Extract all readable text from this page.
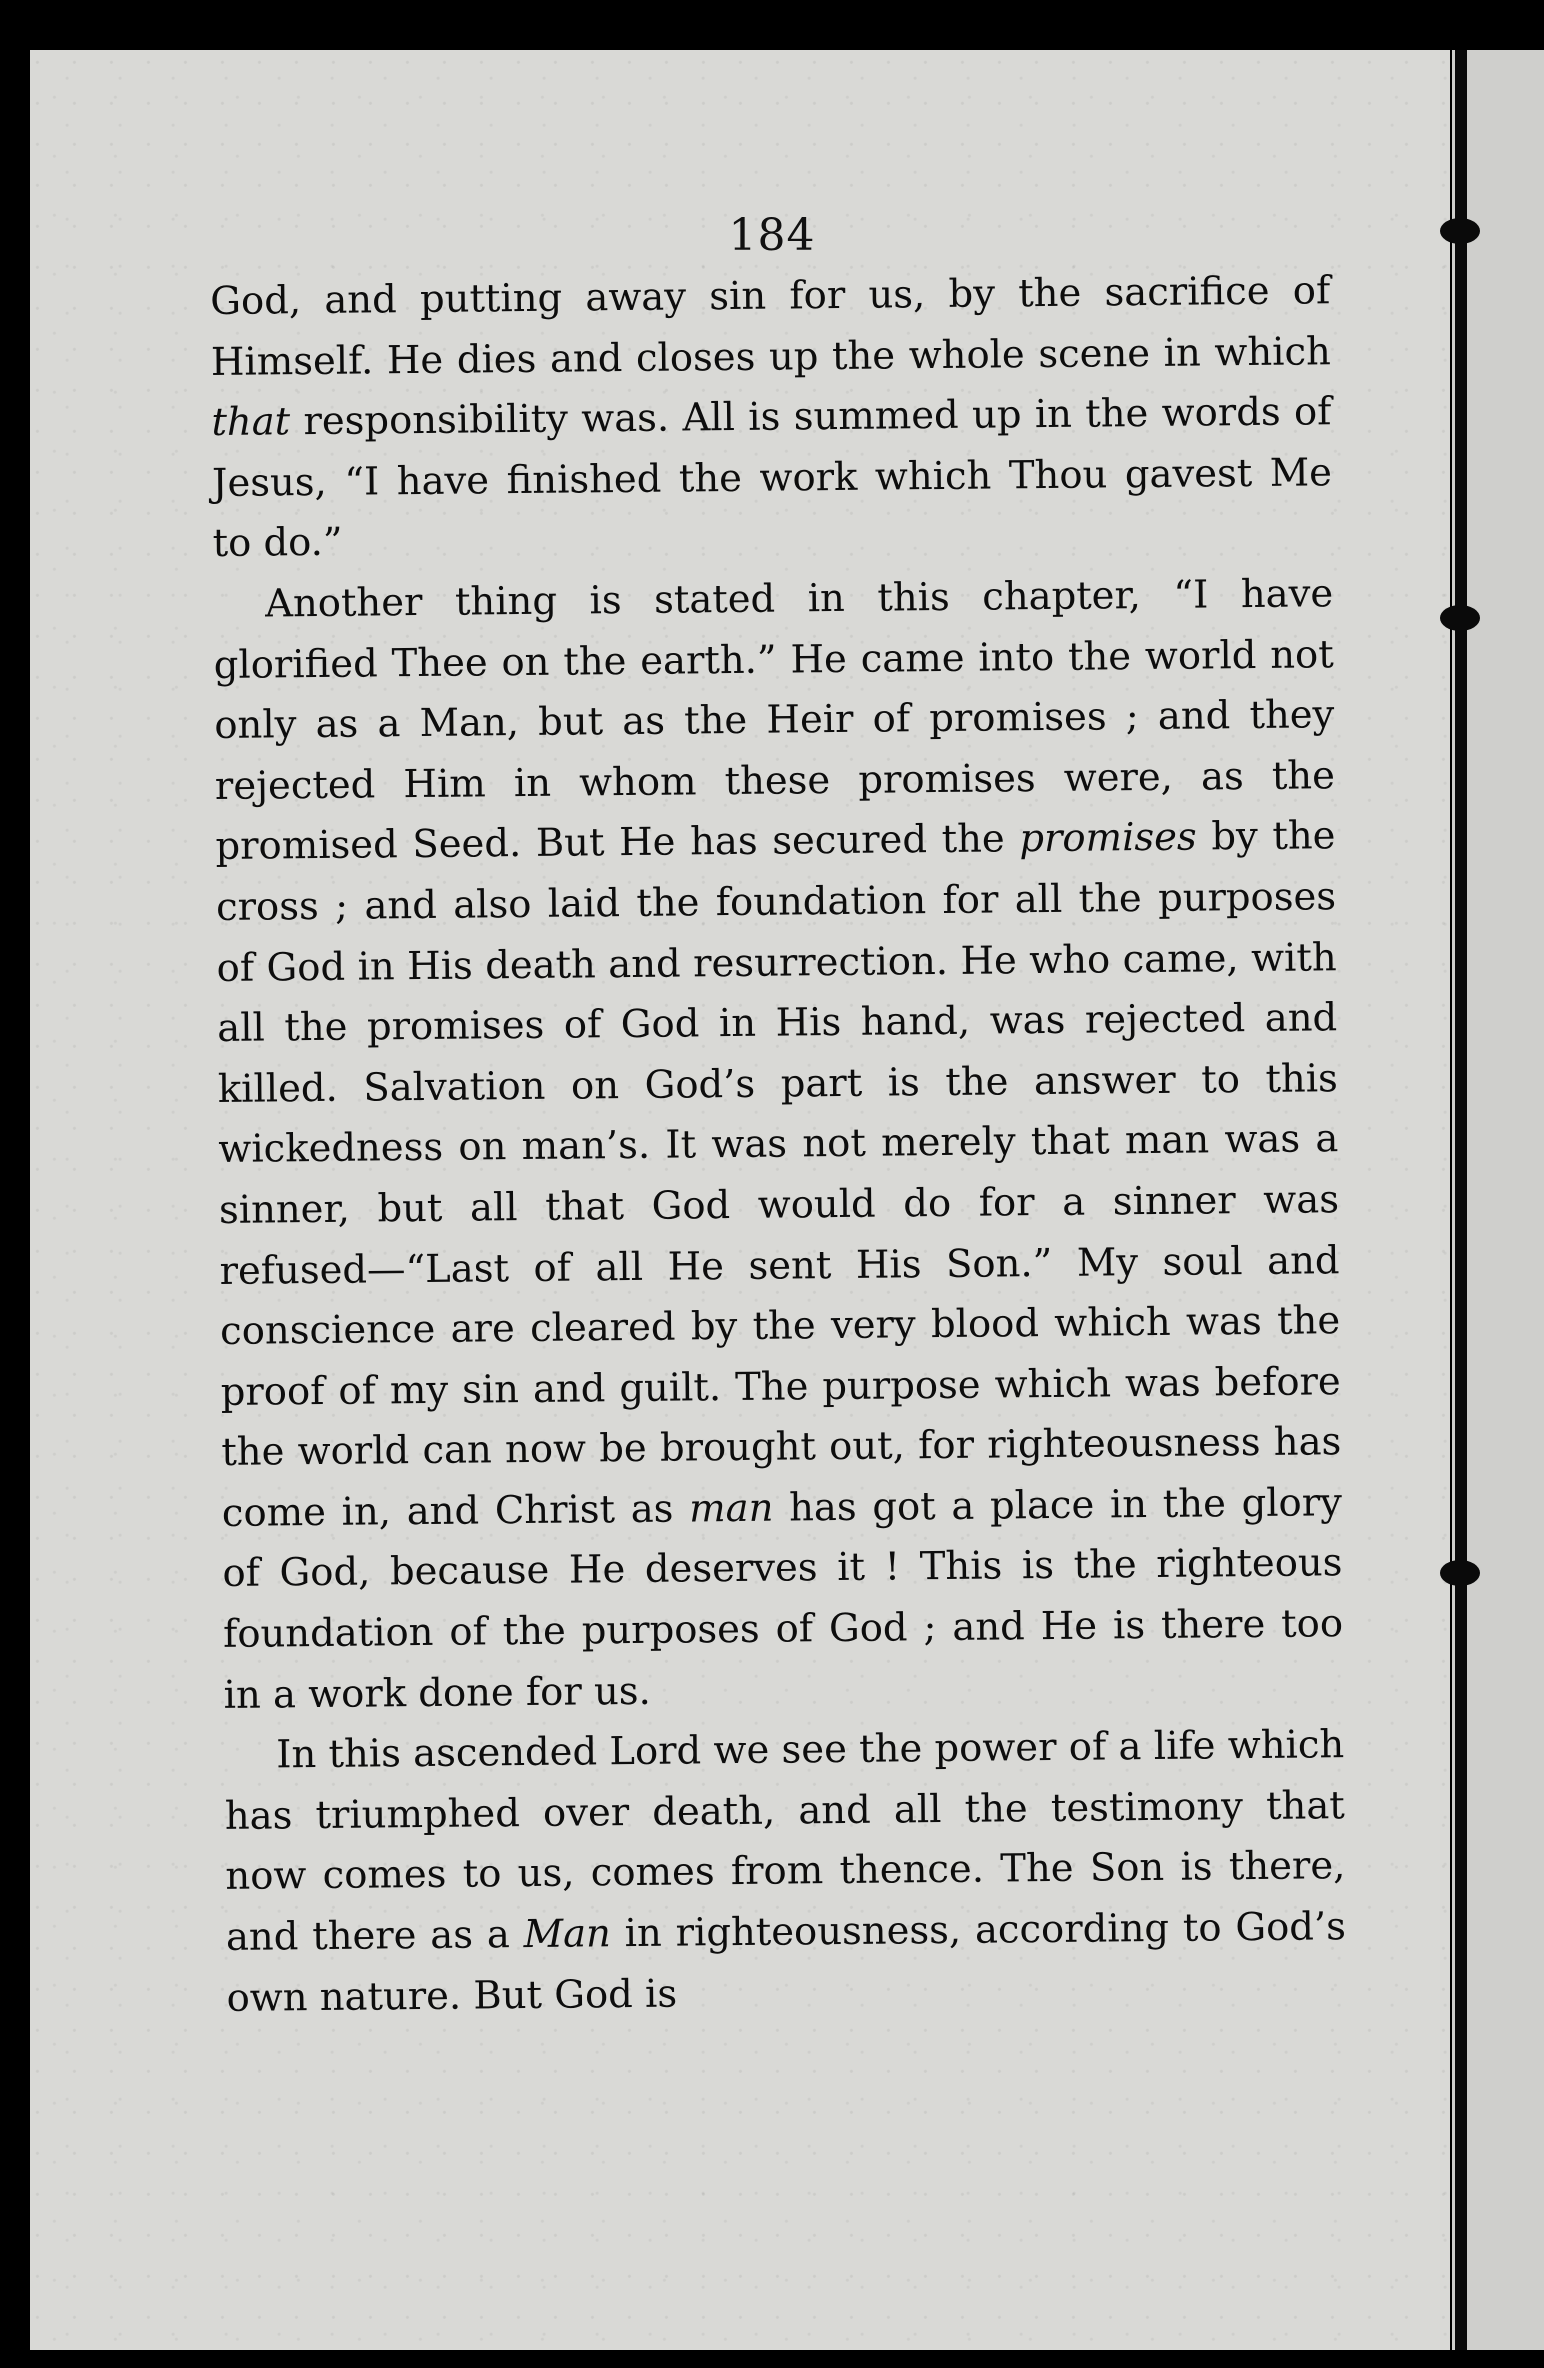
184

God, and putting away sin for us, by the sacrifice of Himself. He dies and closes up the whole scene in which that responsibility was. All is summed up in the words of Jesus, “I have finished the work which Thou gavest Me to do.”

Another thing is stated in this chapter, “I have glorified Thee on the earth.” He came into the world not only as a Man, but as the Heir of promises ; and they rejected Him in whom these promises were, as the promised Seed. But He has secured the promises by the cross ; and also laid the foundation for all the purposes of God in His death and resurrection. He who came, with all the promises of God in His hand, was rejected and killed. Salvation on God’s part is the answer to this wickedness on man’s. It was not merely that man was a sinner, but all that God would do for a sinner was refused—“Last of all He sent His Son.” My soul and conscience are cleared by the very blood which was the proof of my sin and guilt. The purpose which was before the world can now be brought out, for righteousness has come in, and Christ as man has got a place in the glory of God, because He deserves it ! This is the righteous foundation of the purposes of God ; and He is there too in a work done for us.

In this ascended Lord we see the power of a life which has triumphed over death, and all the testimony that now comes to us, comes from thence. The Son is there, and there as a Man in righteousness, according to God’s own nature. But God is
